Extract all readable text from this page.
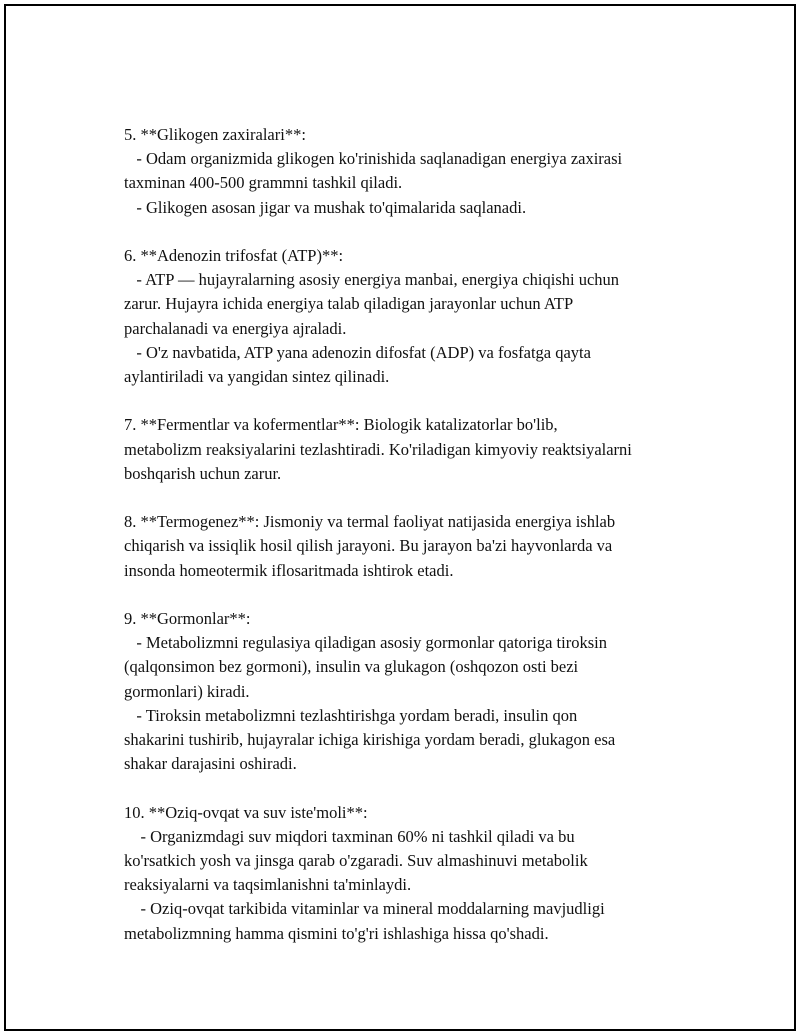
5. **Glikogen zaxiralari**:
- Odam organizmida glikogen ko'rinishida saqlanadigan energiya zaxirasi
taxminan 400-500 grammni tashkil qiladi.
- Glikogen asosan jigar va mushak to'qimalarida saqlanadi.
6. **Adenozin trifosfat (ATP)**:
- ATP — hujayralarning asosiy energiya manbai, energiya chiqishi uchun
zarur. Hujayra ichida energiya talab qiladigan jarayonlar uchun ATP
parchalanadi va energiya ajraladi.
- O'z navbatida, ATP yana adenozin difosfat (ADP) va fosfatga qayta
aylantiriladi va yangidan sintez qilinadi.
7. **Fermentlar va kofermentlar**: Biologik katalizatorlar bo'lib,
metabolizm reaksiyalarini tezlashtiradi. Ko'riladigan kimyoviy reaktsiyalarni
boshqarish uchun zarur.
8. **Termogenez**: Jismoniy va termal faoliyat natijasida energiya ishlab
chiqarish va issiqlik hosil qilish jarayoni. Bu jarayon ba'zi hayvonlarda va
insonda homeotermik iflosaritmada ishtirok etadi.
9. **Gormonlar**:
- Metabolizmni regulasiya qiladigan asosiy gormonlar qatoriga tiroksin
(qalqonsimon bez gormoni), insulin va glukagon (oshqozon osti bezi
gormonlari) kiradi.
- Tiroksin metabolizmni tezlashtirishga yordam beradi, insulin qon
shakarini tushirib, hujayralar ichiga kirishiga yordam beradi, glukagon esa
shakar darajasini oshiradi.
10. **Oziq-ovqat va suv iste'moli**:
- Organizmdagi suv miqdori taxminan 60% ni tashkil qiladi va bu
ko'rsatkich yosh va jinsga qarab o'zgaradi. Suv almashinuvi metabolik
reaksiyalarni va taqsimlanishni ta'minlaydi.
- Oziq-ovqat tarkibida vitaminlar va mineral moddalarning mavjudligi
metabolizmning hamma qismini to'g'ri ishlashiga hissa qo'shadi.
